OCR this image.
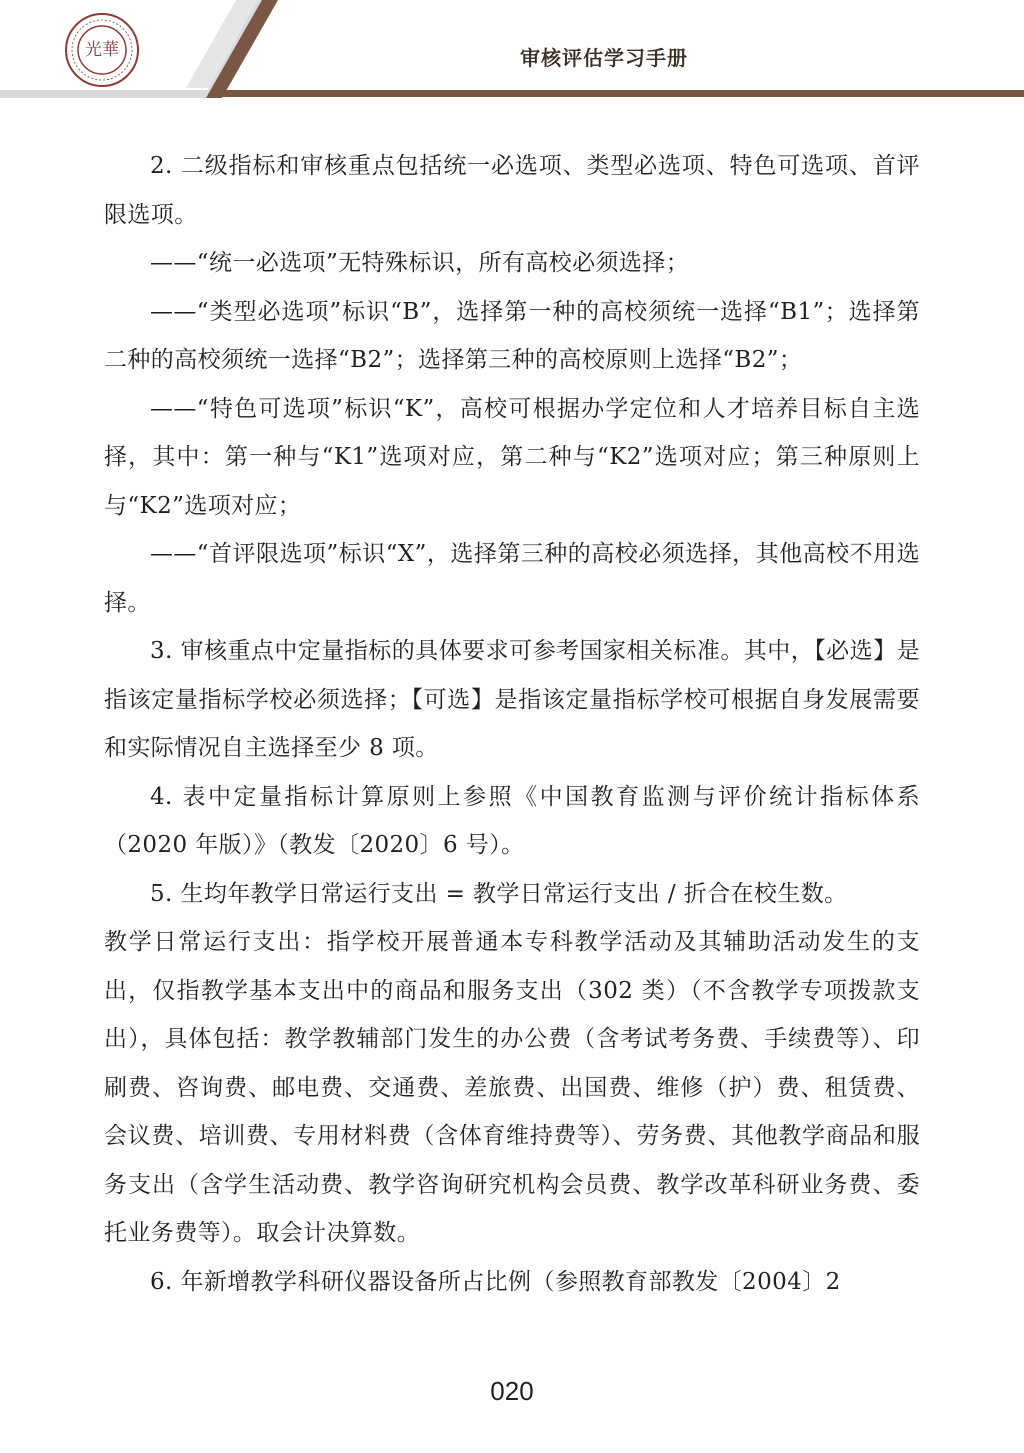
光華	审核评估学习手册

2. 二级指标和审核重点包括统一必选项、类型必选项、特色可选项、首评限选项。

——“统一必选项”无特殊标识，所有高校必须选择；

——“类型必选项”标识“B”，选择第一种的高校须统一选择“B1”；选择第二种的高校须统一选择“B2”；选择第三种的高校原则上选择“B2”；

——“特色可选项”标识“K”，高校可根据办学定位和人才培养目标自主选择，其中：第一种与“K1”选项对应，第二种与“K2”选项对应；第三种原则上与“K2”选项对应；

——“首评限选项”标识“X”，选择第三种的高校必须选择，其他高校不用选择。

3. 审核重点中定量指标的具体要求可参考国家相关标准。其中，【必选】是指该定量指标学校必须选择；【可选】是指该定量指标学校可根据自身发展需要和实际情况自主选择至少 8 项。

4. 表中定量指标计算原则上参照《中国教育监测与评价统计指标体系（2020 年版）》（教发〔2020〕6 号）。

5. 生均年教学日常运行支出 = 教学日常运行支出 / 折合在校生数。

教学日常运行支出：指学校开展普通本专科教学活动及其辅助活动发生的支出，仅指教学基本支出中的商品和服务支出（302 类）（不含教学专项拨款支出），具体包括：教学教辅部门发生的办公费（含考试考务费、手续费等）、印刷费、咨询费、邮电费、交通费、差旅费、出国费、维修（护）费、租赁费、会议费、培训费、专用材料费（含体育维持费等）、劳务费、其他教学商品和服务支出（含学生活动费、教学咨询研究机构会员费、教学改革科研业务费、委托业务费等）。取会计决算数。

6. 年新增教学科研仪器设备所占比例（参照教育部教发〔2004〕2

020
